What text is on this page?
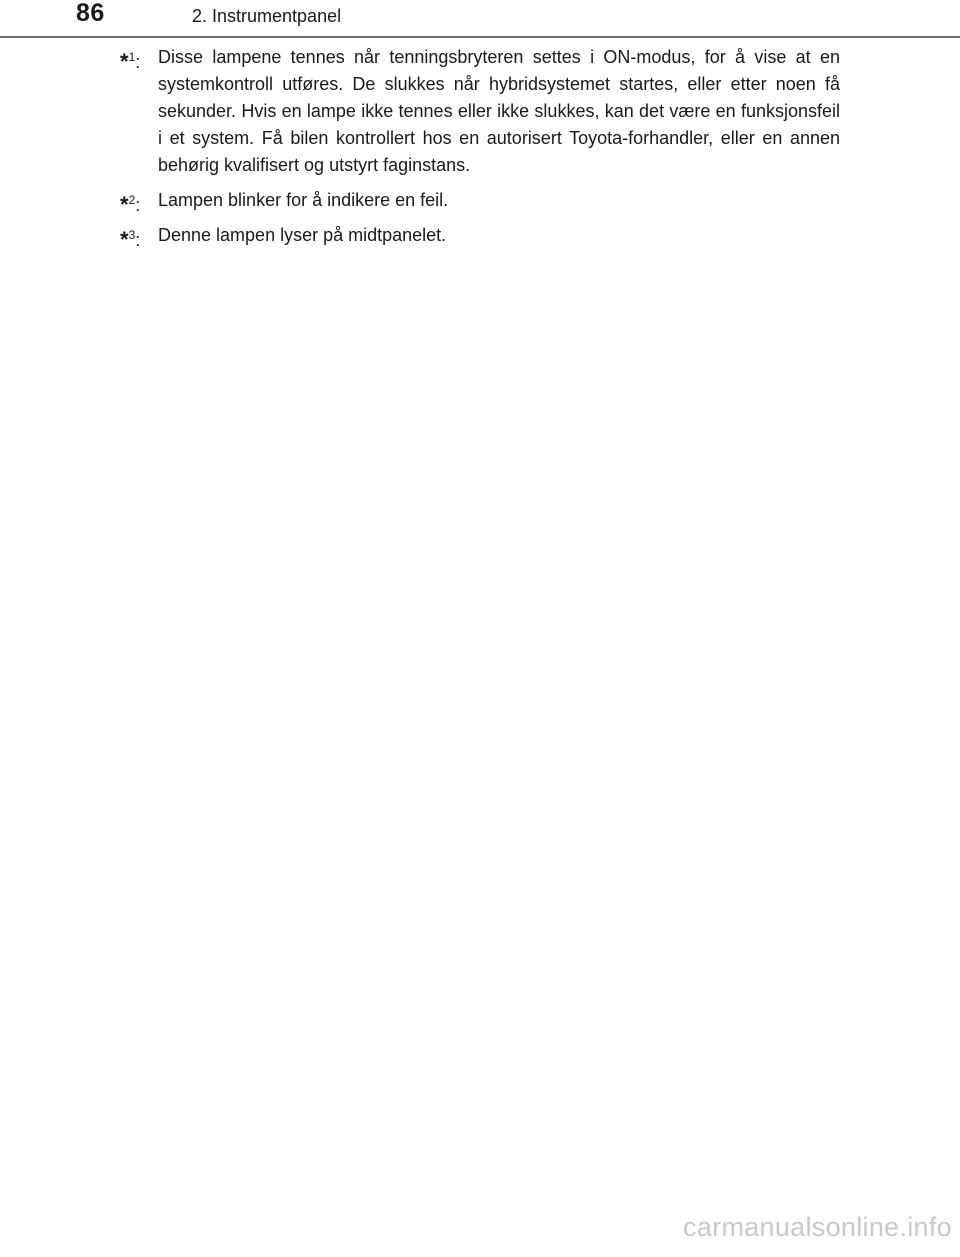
86	2. Instrumentpanel
*$^1$: Disse lampene tennes når tenningsbryteren settes i ON-modus, for å vise at en systemkontroll utføres. De slukkes når hybridsystemet startes, eller etter noen få sekunder. Hvis en lampe ikke tennes eller ikke slukkes, kan det være en funksjonsfeil i et system. Få bilen kontrollert hos en autorisert Toyota-forhandler, eller en annen behørig kvalifisert og utstyrt faginstans.
*$^2$: Lampen blinker for å indikere en feil.
*$^3$: Denne lampen lyser på midtpanelet.
carmanualsonline.info
